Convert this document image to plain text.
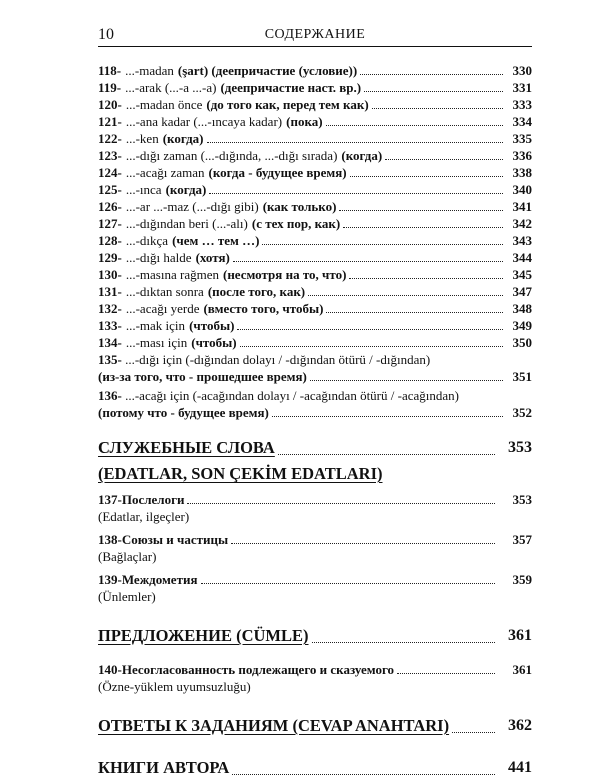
10	СОДЕРЖАНИЕ
118- ...-madan (şart) (деепричастие (условие))	330
119- ...-arak (...-a ...-a) (деепричастие наст. вр.)	331
120- ...-madan önce (до того как, перед тем как)	333
121- ...-ana kadar (...-ıncaya kadar) (пока)	334
122- ...-ken (когда)	335
123- ...-dığı zaman (...-dığında, ...-dığı sırada) (когда)	336
124- ...-acağı zaman (когда - будущее время)	338
125- ...-ınca (когда)	340
126- ...-ar ...-maz (...-dığı gibi) (как только)	341
127- ...-dığından beri (...-alı) (с тех пор, как)	342
128- ...-dıkça (чем … тем …)	343
129- ...-dığı halde (хотя)	344
130- ...-masına rağmen (несмотря на то, что)	345
131- ...-dıktan sonra (после того, как)	347
132- ...-acağı yerde (вместо того, чтобы)	348
133- ...-mak için (чтобы)	349
134- ...-ması için (чтобы)	350
135- ...-dığı için (-dığından dolayı / -dığından ötürü / -dığından)
(из-за того, что - прошедшее время)	351
136- ...-acağı için (-acağından dolayı / -acağından ötürü / -acağından)
(потому что - будущее время)	352
СЛУЖЕБНЫЕ СЛОВА	353
(EDATLAR, SON ÇEKİM EDATLARI)
137-Послелоги	353
(Edatlar, ilgeçler)
138-Союзы и частицы	357
(Bağlaçlar)
139-Междометия	359
(Ünlemler)
ПРЕДЛОЖЕНИЕ (CÜMLE)	361
140-Несогласованность подлежащего и сказуемого	361
(Özne-yüklem uyumsuzluğu)
ОТВЕТЫ К ЗАДАНИЯМ (CEVAP ANAHTARI)	362
КНИГИ АВТОРА	441
